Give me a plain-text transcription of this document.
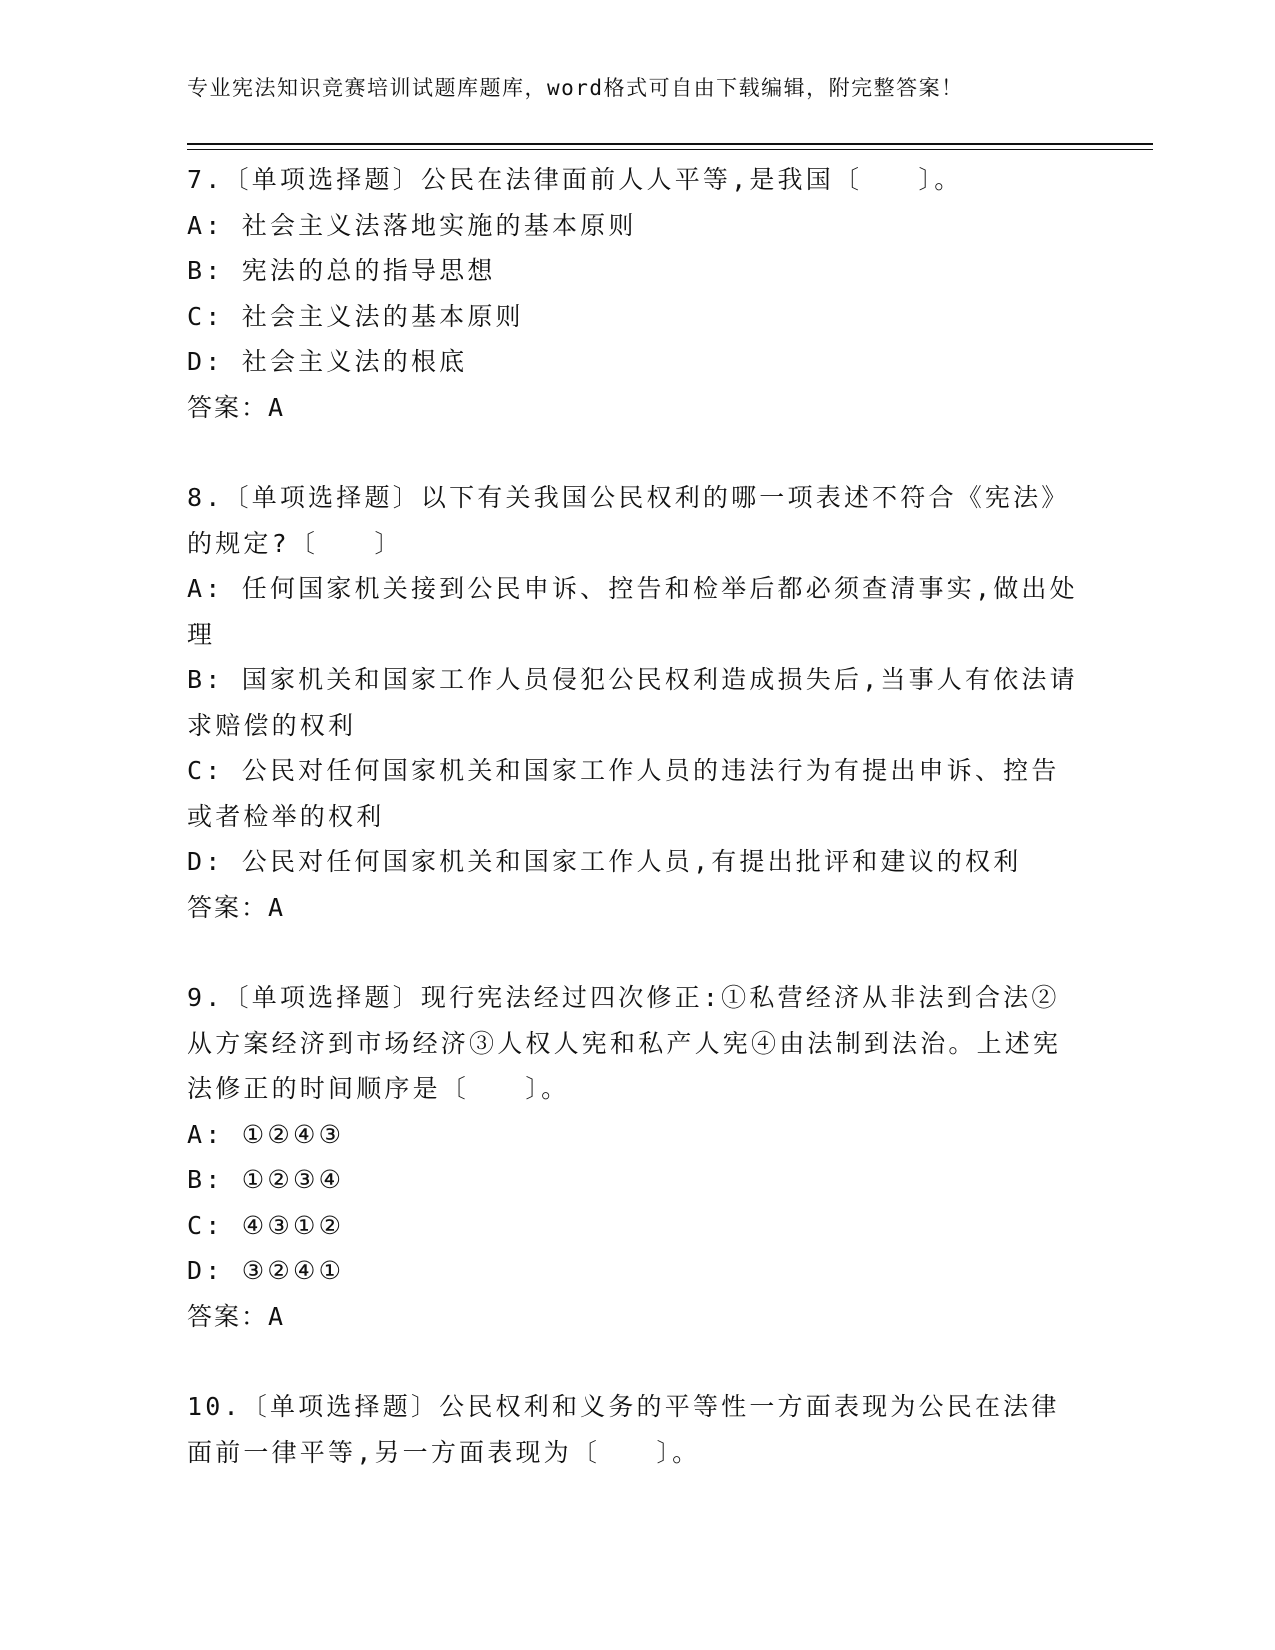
专业宪法知识竞赛培训试题库题库，word格式可自由下载编辑，附完整答案！
7.〔单项选择题〕公民在法律面前人人平等,是我国〔　　〕。
A: 社会主义法落地实施的基本原则
B: 宪法的总的指导思想
C: 社会主义法的基本原则
D: 社会主义法的根底
答案：A
8.〔单项选择题〕以下有关我国公民权利的哪一项表述不符合《宪法》的规定?〔　　〕
A: 任何国家机关接到公民申诉、控告和检举后都必须查清事实,做出处理
B: 国家机关和国家工作人员侵犯公民权利造成损失后,当事人有依法请求赔偿的权利
C: 公民对任何国家机关和国家工作人员的违法行为有提出申诉、控告或者检举的权利
D: 公民对任何国家机关和国家工作人员,有提出批评和建议的权利
答案：A
9.〔单项选择题〕现行宪法经过四次修正:①私营经济从非法到合法②从方案经济到市场经济③人权人宪和私产人宪④由法制到法治。上述宪法修正的时间顺序是〔　　〕。
A: ①②④③
B: ①②③④
C: ④③①②
D: ③②④①
答案：A
10.〔单项选择题〕公民权利和义务的平等性一方面表现为公民在法律面前一律平等,另一方面表现为〔　　〕。
